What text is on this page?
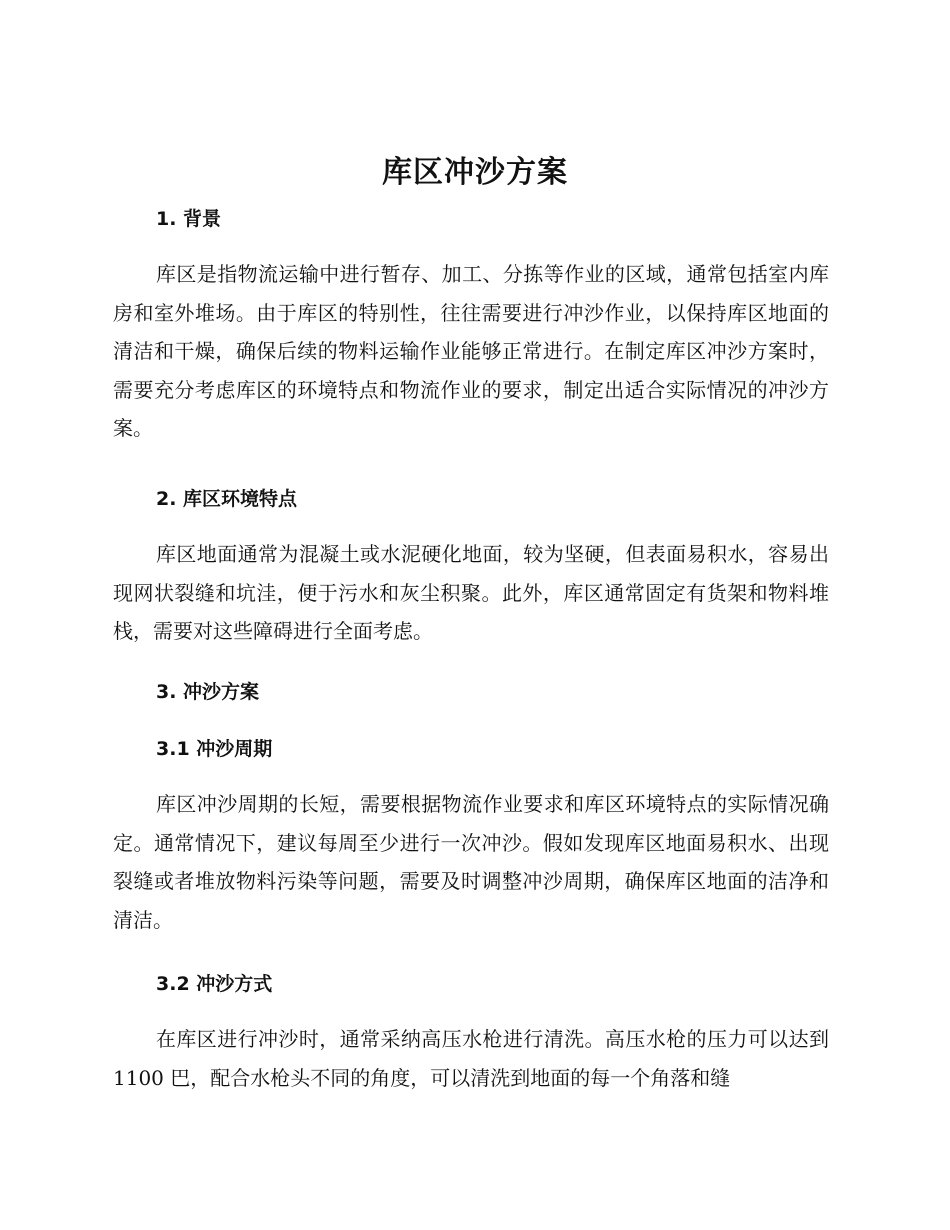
库区冲沙方案
1. 背景

库区是指物流运输中进行暂存、加工、分拣等作业的区域，通常包括室内库房和室外堆场。由于库区的特别性，往往需要进行冲沙作业，以保持库区地面的清洁和干燥，确保后续的物料运输作业能够正常进行。在制定库区冲沙方案时，需要充分考虑库区的环境特点和物流作业的要求，制定出适合实际情况的冲沙方案。

2. 库区环境特点

库区地面通常为混凝土或水泥硬化地面，较为坚硬，但表面易积水，容易出现网状裂缝和坑洼，便于污水和灰尘积聚。此外，库区通常固定有货架和物料堆栈，需要对这些障碍进行全面考虑。

3. 冲沙方案
3.1 冲沙周期

库区冲沙周期的长短，需要根据物流作业要求和库区环境特点的实际情况确定。通常情况下，建议每周至少进行一次冲沙。假如发现库区地面易积水、出现裂缝或者堆放物料污染等问题，需要及时调整冲沙周期，确保库区地面的洁净和清洁。

3.2 冲沙方式

在库区进行冲沙时，通常采纳高压水枪进行清洗。高压水枪的压力可以达到 1100 巴，配合水枪头不同的角度，可以清洗到地面的每一个角落和缝
